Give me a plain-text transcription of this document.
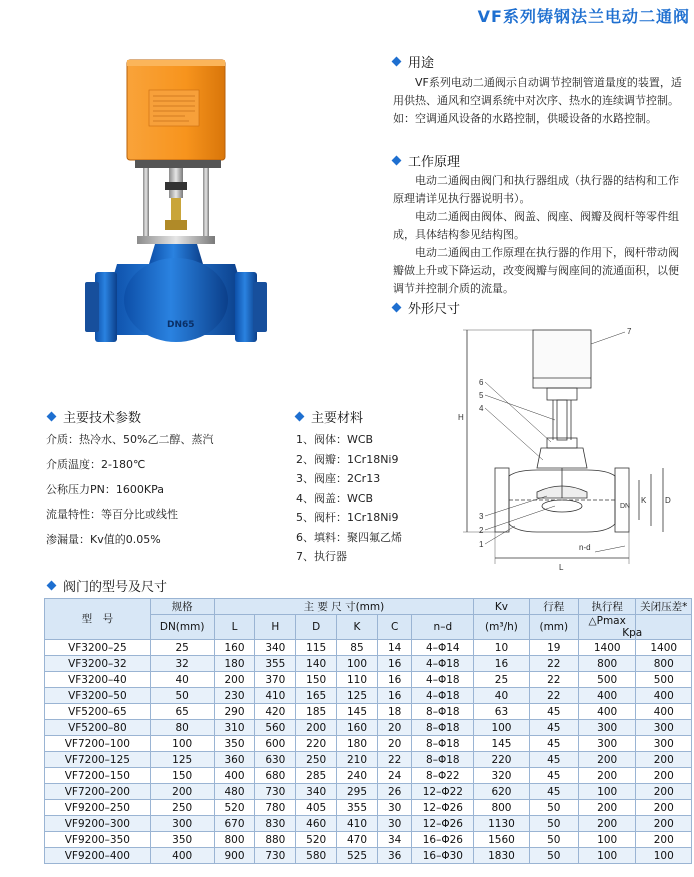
VF系列铸钢法兰电动二通阀
DN65
用途

VF系列电动二通阀示自动调节控制管道量度的装置，适用供热、通风和空调系统中对次序、热水的连续调节控制。如：空调通风设备的水路控制，供暖设备的水路控制。

工作原理

电动二通阀由阀门和执行器组成（执行器的结构和工作原理请详见执行器说明书）。

电动二通阀由阀体、阀盖、阀座、阀瓣及阀杆等零件组成，具体结构参见结构图。

电动二通阀由工作原理在执行器的作用下，阀杆带动阀瓣做上升或下降运动，改变阀瓣与阀座间的流通面积，以便调节并控制介质的流量。

外形尺寸
7
6
5
4
3
2
1
H
K
DN
D
L
n-d
主要技术参数
介质：热冷水、50%乙二醇、蒸汽
介质温度：2-180℃
公称压力PN：1600KPa
流量特性：等百分比或线性
渗漏量：Kv值的0.05%
主要材料
1、阀体：WCB
2、阀瓣：1Cr18Ni9
3、阀座：2Cr13
4、阀盖：WCB
5、阀杆：1Cr18Ni9
6、填料：聚四氟乙烯
7、执行器
阀门的型号及尺寸
型　号	规格	主 要 尺 寸(mm)						Kv	行程	执行程	关闭压差*
	DN(mm)	L	H	D	K	C	n–d	(m³/h)	(mm)	△Pmax
Kpa	

VF3200–25	25	160	340	115	85	14	4–Φ14	10	19	1400	1400
VF3200–32	32	180	355	140	100	16	4–Φ18	16	22	800	800
VF3200–40	40	200	370	150	110	16	4–Φ18	25	22	500	500
VF3200–50	50	230	410	165	125	16	4–Φ18	40	22	400	400
VF5200–65	65	290	420	185	145	18	8–Φ18	63	45	400	400
VF5200–80	80	310	560	200	160	20	8–Φ18	100	45	300	300
VF7200–100	100	350	600	220	180	20	8–Φ18	145	45	300	300
VF7200–125	125	360	630	250	210	22	8–Φ18	220	45	200	200
VF7200–150	150	400	680	285	240	24	8–Φ22	320	45	200	200
VF7200–200	200	480	730	340	295	26	12–Φ22	620	45	100	200
VF9200–250	250	520	780	405	355	30	12–Φ26	800	50	200	200
VF9200–300	300	670	830	460	410	30	12–Φ26	1130	50	200	200
VF9200–350	350	800	880	520	470	34	16–Φ26	1560	50	100	200
VF9200–400	400	900	730	580	525	36	16–Φ30	1830	50	100	100
